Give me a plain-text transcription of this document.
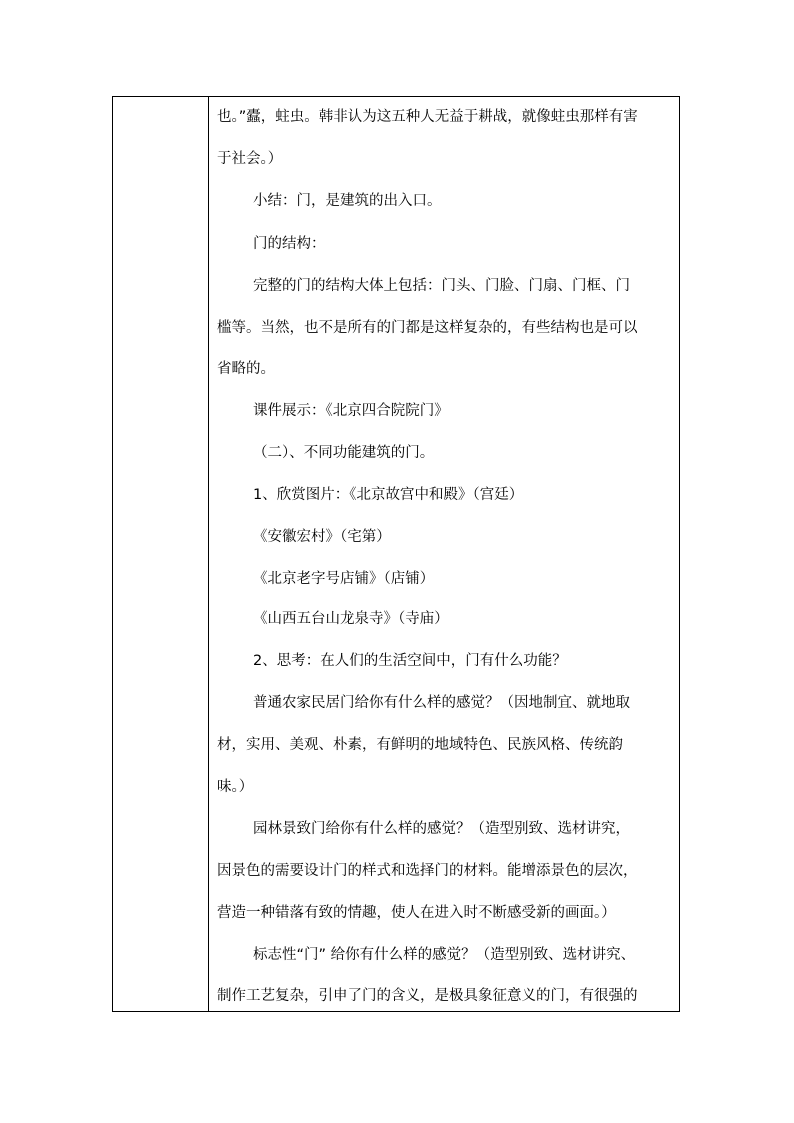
也。”蠹，蛀虫。韩非认为这五种人无益于耕战，就像蛀虫那样有害
于社会。）
小结：门，是建筑的出入口。
门的结构：
完整的门的结构大体上包括：门头、门脸、门扇、门框、门
槛等。当然，也不是所有的门都是这样复杂的，有些结构也是可以
省略的。
课件展示：《北京四合院院门》
（二）、不同功能建筑的门。
1、欣赏图片：《北京故宫中和殿》（宫廷）
《安徽宏村》（宅第）
《北京老字号店铺》（店铺）
《山西五台山龙泉寺》（寺庙）
2、思考：在人们的生活空间中，门有什么功能？
普通农家民居门给你有什么样的感觉？（因地制宜、就地取
材，实用、美观、朴素，有鲜明的地域特色、民族风格、传统韵
味。）
园林景致门给你有什么样的感觉？（造型别致、选材讲究，
因景色的需要设计门的样式和选择门的材料。能增添景色的层次，
营造一种错落有致的情趣，使人在进入时不断感受新的画面。）
标志性“门” 给你有什么样的感觉？（造型别致、选材讲究、
制作工艺复杂，引申了门的含义，是极具象征意义的门，有很强的
